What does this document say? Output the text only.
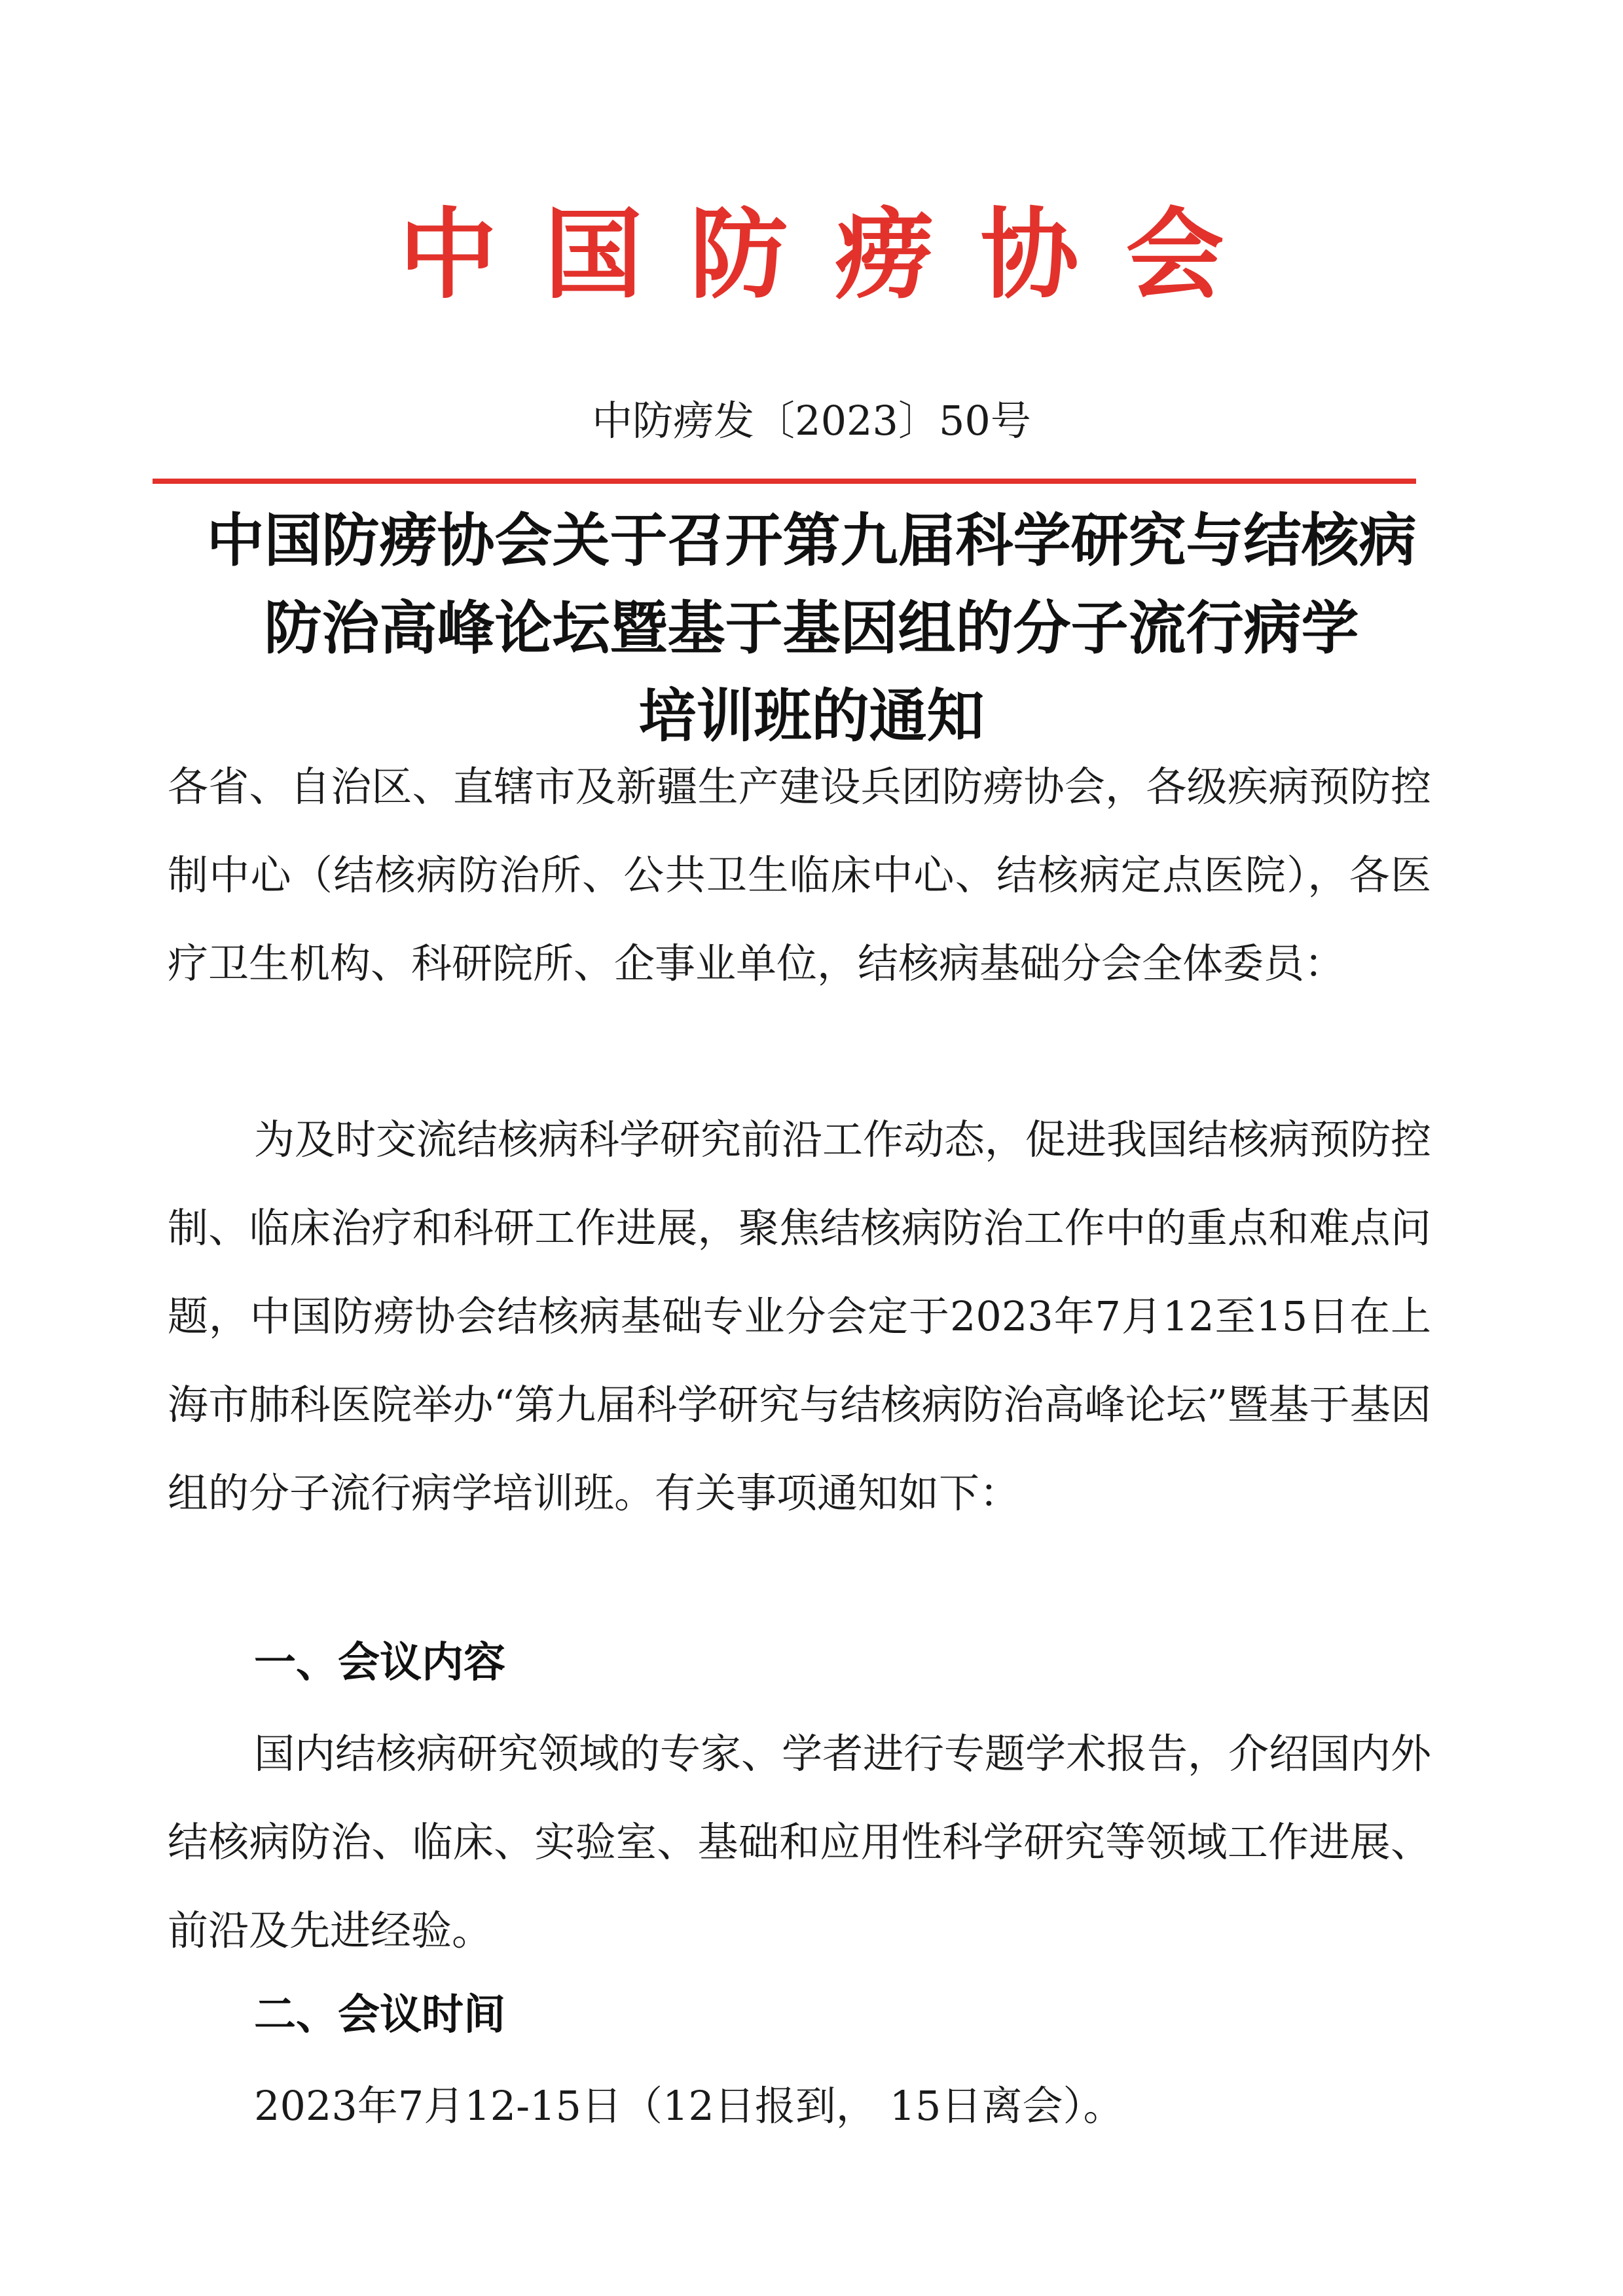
中国防痨协会
中防痨发〔2023〕50号
中国防痨协会关于召开第九届科学研究与结核病
防治高峰论坛暨基于基因组的分子流行病学
培训班的通知

各省、自治区、直辖市及新疆生产建设兵团防痨协会，各级疾病预防控制中心（结核病防治所、公共卫生临床中心、结核病定点医院），各医疗卫生机构、科研院所、企事业单位，结核病基础分会全体委员：

为及时交流结核病科学研究前沿工作动态，促进我国结核病预防控制、临床治疗和科研工作进展，聚焦结核病防治工作中的重点和难点问题，中国防痨协会结核病基础专业分会定于2023年7月12至15日在上海市肺科医院举办“第九届科学研究与结核病防治高峰论坛”暨基于基因组的分子流行病学培训班。有关事项通知如下：

一、会议内容

国内结核病研究领域的专家、学者进行专题学术报告，介绍国内外结核病防治、临床、实验室、基础和应用性科学研究等领域工作进展、前沿及先进经验。

二、会议时间

2023年7月12-15日（12日报到， 15日离会）。
